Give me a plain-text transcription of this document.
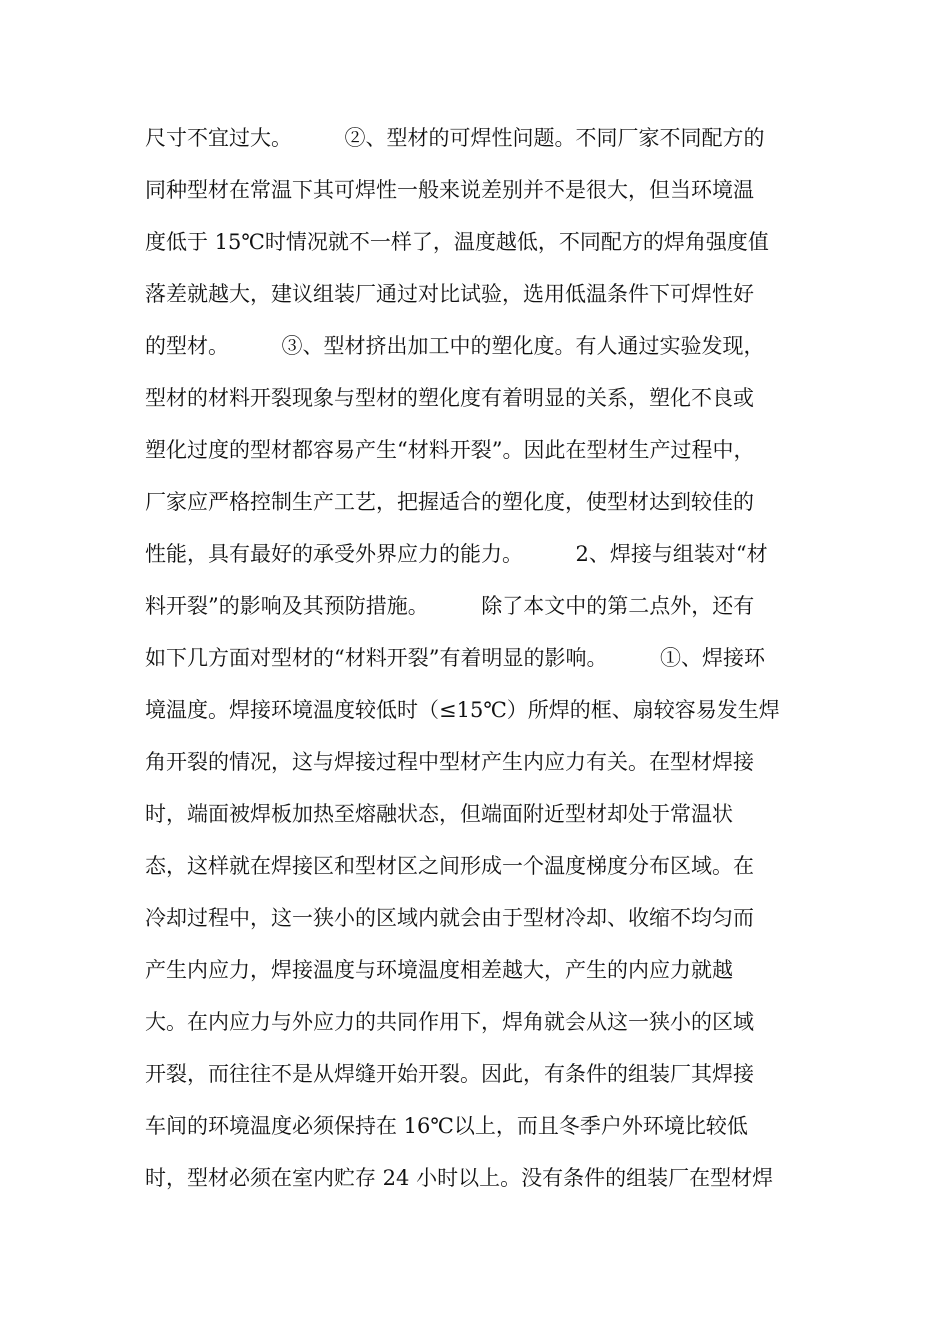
尺寸不宜过大。　　　②、型材的可焊性问题。不同厂家不同配方的
同种型材在常温下其可焊性一般来说差别并不是很大，但当环境温
度低于 15℃时情况就不一样了，温度越低，不同配方的焊角强度值
落差就越大，建议组装厂通过对比试验，选用低温条件下可焊性好
的型材。　　　③、型材挤出加工中的塑化度。有人通过实验发现，
型材的材料开裂现象与型材的塑化度有着明显的关系，塑化不良或
塑化过度的型材都容易产生“材料开裂”。因此在型材生产过程中，
厂家应严格控制生产工艺，把握适合的塑化度，使型材达到较佳的
性能，具有最好的承受外界应力的能力。　　　2、焊接与组装对“材
料开裂”的影响及其预防措施。　　　除了本文中的第二点外，还有
如下几方面对型材的“材料开裂”有着明显的影响。　　　①、焊接环
境温度。焊接环境温度较低时（≤15℃）所焊的框、扇较容易发生焊
角开裂的情况，这与焊接过程中型材产生内应力有关。在型材焊接
时，端面被焊板加热至熔融状态，但端面附近型材却处于常温状
态，这样就在焊接区和型材区之间形成一个温度梯度分布区域。在
冷却过程中，这一狭小的区域内就会由于型材冷却、收缩不均匀而
产生内应力，焊接温度与环境温度相差越大，产生的内应力就越
大。在内应力与外应力的共同作用下，焊角就会从这一狭小的区域
开裂，而往往不是从焊缝开始开裂。因此，有条件的组装厂其焊接
车间的环境温度必须保持在 16℃以上，而且冬季户外环境比较低
时，型材必须在室内贮存 24 小时以上。没有条件的组装厂在型材焊
